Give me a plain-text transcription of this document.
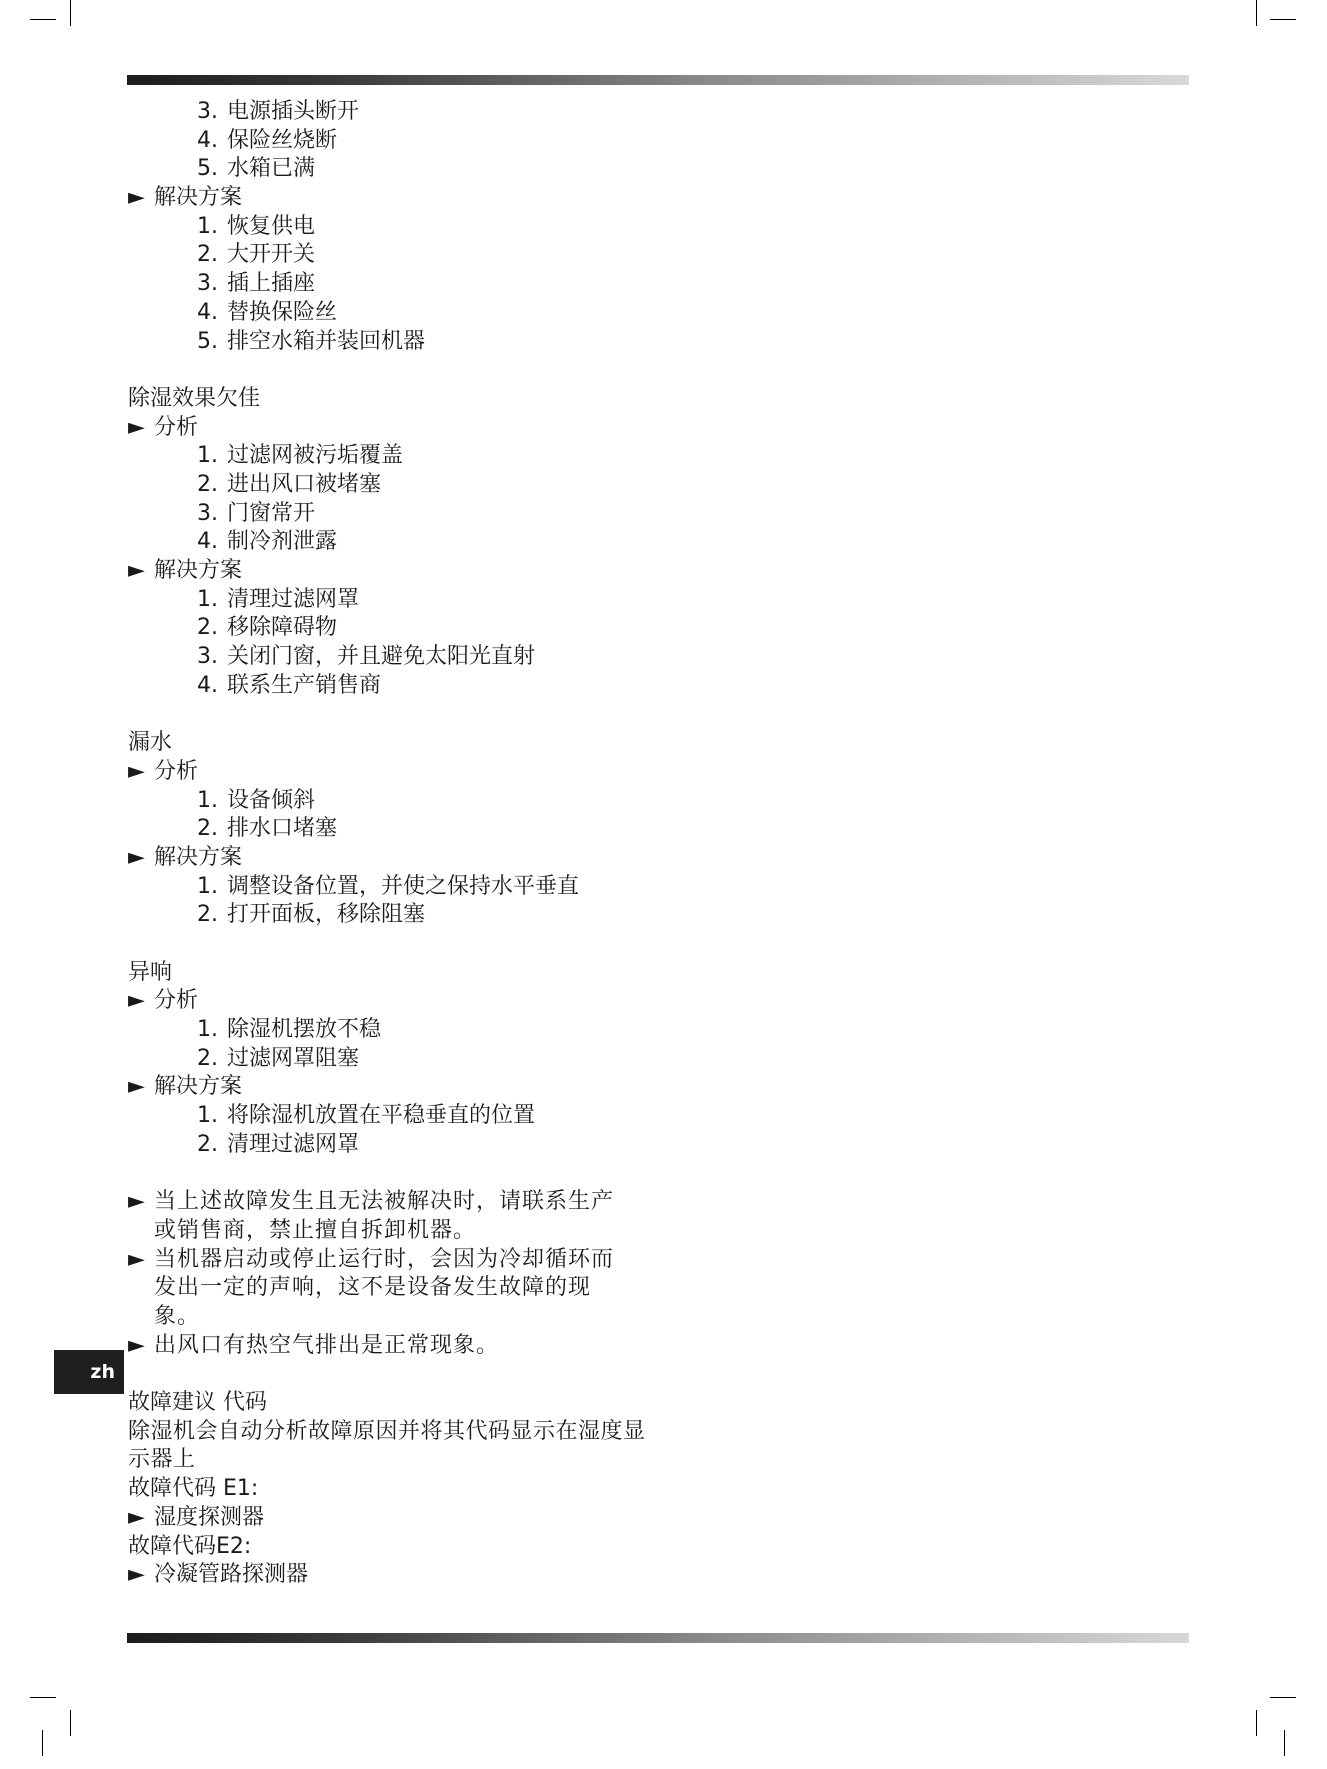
zh
3. 电源插头断开
4. 保险丝烧断
5. 水箱已满
► 解决方案
1. 恢复供电
2. 大开开关
3. 插上插座
4. 替换保险丝
5. 排空水箱并装回机器
除湿效果欠佳
► 分析
1. 过滤网被污垢覆盖
2. 进出风口被堵塞
3. 门窗常开
4. 制冷剂泄露
► 解决方案
1. 清理过滤网罩
2. 移除障碍物
3. 关闭门窗，并且避免太阳光直射
4. 联系生产销售商
漏水
► 分析
1. 设备倾斜
2. 排水口堵塞
► 解决方案
1. 调整设备位置，并使之保持水平垂直
2. 打开面板，移除阻塞
异响
► 分析
1. 除湿机摆放不稳
2. 过滤网罩阻塞
► 解决方案
1. 将除湿机放置在平稳垂直的位置
2. 清理过滤网罩
► 当上述故障发生且无法被解决时，请联系生产或销售商，禁止擅自拆卸机器。
► 当机器启动或停止运行时，会因为冷却循环而发出一定的声响，这不是设备发生故障的现象。
► 出风口有热空气排出是正常现象。
故障建议 代码
除湿机会自动分析故障原因并将其代码显示在湿度显示器上
故障代码 E1:
► 湿度探测器
故障代码E2:
► 冷凝管路探测器
